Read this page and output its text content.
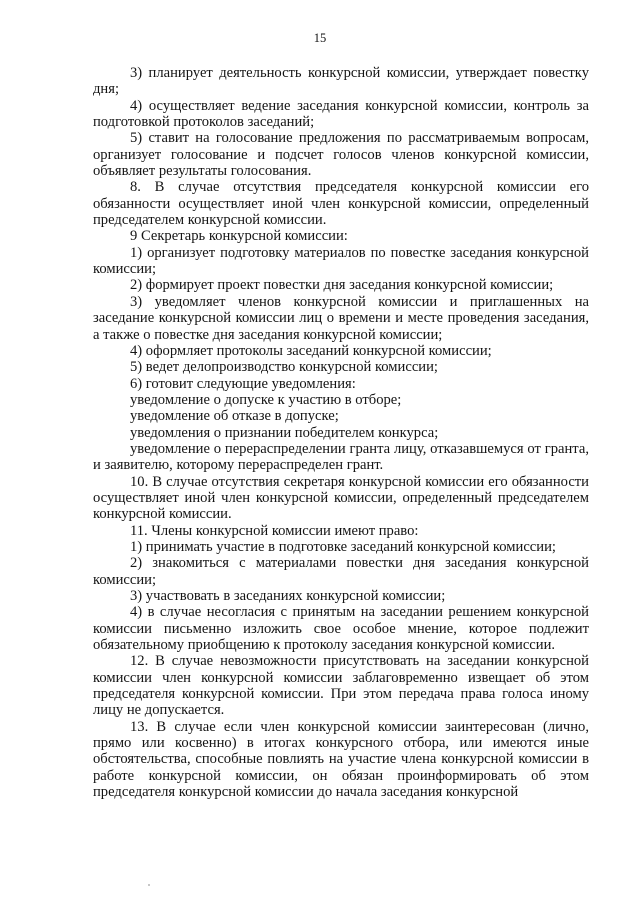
15

3) планирует деятельность конкурсной комиссии, утверждает повестку дня;

4) осуществляет ведение заседания конкурсной комиссии, контроль за подготовкой протоколов заседаний;

5) ставит на голосование предложения по рассматриваемым вопросам, организует голосование и подсчет голосов членов конкурсной комиссии, объявляет результаты голосования.

8. В случае отсутствия председателя конкурсной комиссии его обязанности осуществляет иной член конкурсной комиссии, определенный председателем конкурсной комиссии.

9 Секретарь конкурсной комиссии:

1) организует подготовку материалов по повестке заседания конкурсной комиссии;

2) формирует проект повестки дня заседания конкурсной комиссии;

3) уведомляет членов конкурсной комиссии и приглашенных на заседание конкурсной комиссии лиц о времени и месте проведения заседания, а также о повестке дня заседания конкурсной комиссии;

4) оформляет протоколы заседаний конкурсной комиссии;

5) ведет делопроизводство конкурсной комиссии;

6) готовит следующие уведомления:

уведомление о допуске к участию в отборе;

уведомление об отказе в допуске;

уведомления о признании победителем конкурса;

уведомление о перераспределении гранта лицу, отказавшемуся от гранта, и заявителю, которому перераспределен грант.

10. В случае отсутствия секретаря конкурсной комиссии его обязанности осуществляет иной член конкурсной комиссии, определенный председателем конкурсной комиссии.

11. Члены конкурсной комиссии имеют право:

1) принимать участие в подготовке заседаний конкурсной комиссии;

2) знакомиться с материалами повестки дня заседания конкурсной комиссии;

3) участвовать в заседаниях конкурсной комиссии;

4) в случае несогласия с принятым на заседании решением конкурсной комиссии письменно изложить свое особое мнение, которое подлежит обязательному приобщению к протоколу заседания конкурсной комиссии.

12. В случае невозможности присутствовать на заседании конкурсной комиссии член конкурсной комиссии заблаговременно извещает об этом председателя конкурсной комиссии. При этом передача права голоса иному лицу не допускается.

13. В случае если член конкурсной комиссии заинтересован (лично, прямо или косвенно) в итогах конкурсного отбора, или имеются иные обстоятельства, способные повлиять на участие члена конкурсной комиссии в работе конкурсной комиссии, он обязан проинформировать об этом председателя конкурсной комиссии до начала заседания конкурсной
